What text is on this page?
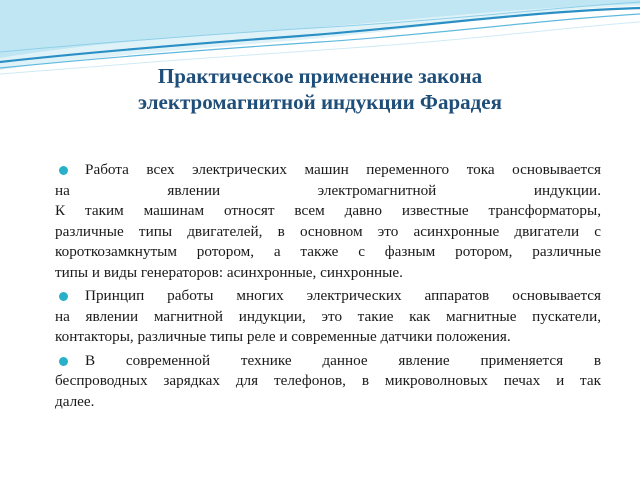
Практическое применение закона
электромагнитной индукции Фарадея
Работа всех электрических машин переменного тока основывается
на явлении электромагнитной индукции.
К таким машинам относят всем давно известные трансформаторы,
различные типы двигателей, в основном это асинхронные двигатели с
короткозамкнутым ротором, а также с фазным ротором, различные
типы и виды генераторов: асинхронные, синхронные.
Принцип работы многих электрических аппаратов основывается
на явлении магнитной индукции, это такие как магнитные пускатели,
контакторы, различные типы реле и современные датчики положения.
В современной технике данное явление применяется в
беспроводных зарядках для телефонов, в микроволновых печах и так
далее.
